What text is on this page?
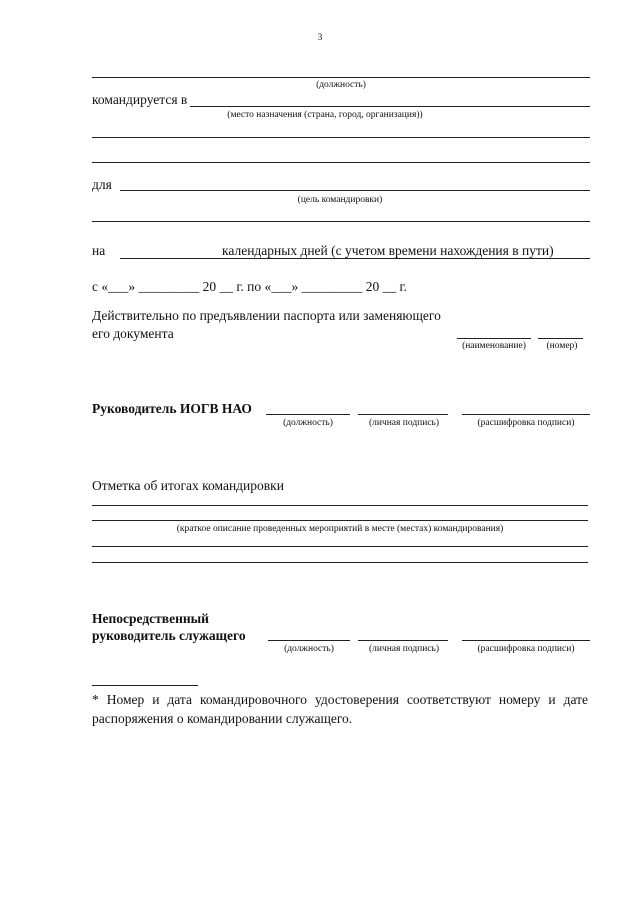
3
(должность)
командируется в
(место назначения (страна, город, организация))
для
(цель командировки)
на	календарных дней (с учетом времени нахождения в пути)
с «___» _________ 20 __ г. по «___» _________ 20 __ г.
Действительно по предъявлении паспорта или заменяющего
его документа
(наименование)	(номер)
Руководитель ИОГВ НАО
(должность)	(личная подпись)	(расшифровка подписи)
Отметка об итогах командировки
(краткое описание проведенных мероприятий в месте (местах) командирования)
Непосредственный
руководитель служащего
(должность)	(личная подпись)	(расшифровка подписи)
* Номер и дата командировочного удостоверения соответствуют номеру и дате распоряжения о командировании служащего.
